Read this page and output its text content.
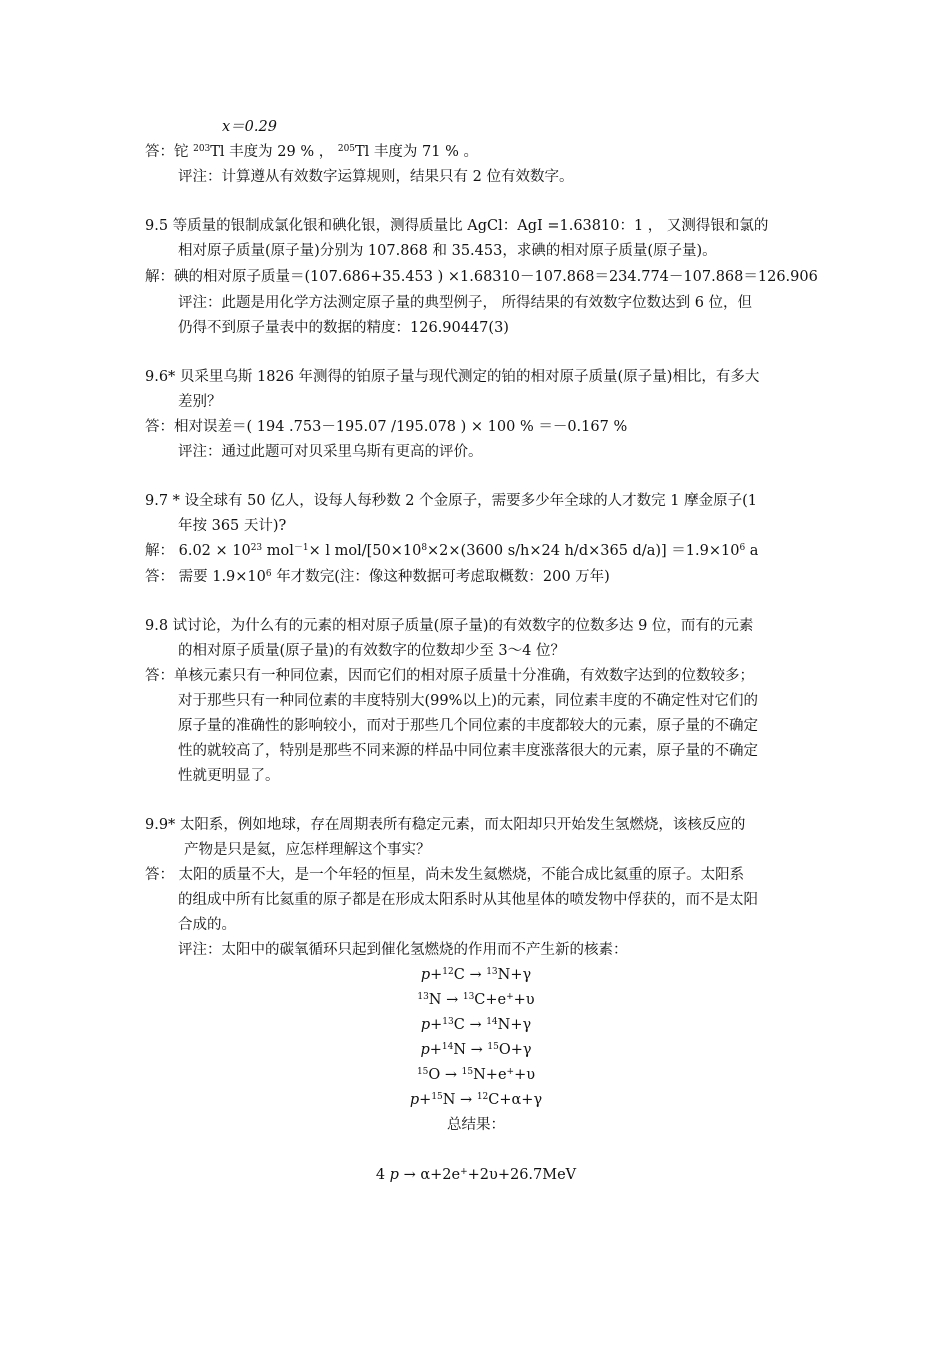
x＝0.29
答：铊 $^{203}$Tl 丰度为 29 % ， $^{205}$Tl 丰度为 71 % 。
评注：计算遵从有效数字运算规则，结果只有 2 位有效数字。
9.5 等质量的银制成氯化银和碘化银，测得质量比 AgCl：AgI =1.63810：1 ， 又测得银和氯的
相对原子质量(原子量)分别为 107.868 和 35.453，求碘的相对原子质量(原子量)。
解：碘的相对原子质量＝(107.686+35.453 ) ×1.68310－107.868＝234.774－107.868＝126.906
评注：此题是用化学方法测定原子量的典型例子， 所得结果的有效数字位数达到 6 位，但
仍得不到原子量表中的数据的精度：126.90447(3)
9.6* 贝采里乌斯 1826 年测得的铂原子量与现代测定的铂的相对原子质量(原子量)相比，有多大
差别？
答：相对误差＝( 194 .753－195.07 /195.078 ) × 100 % ＝－0.167 %
评注：通过此题可对贝采里乌斯有更高的评价。
9.7 * 设全球有 50 亿人，设每人每秒数 2 个金原子，需要多少年全球的人才数完 1 摩金原子(1
年按 365 天计)?
解： $6.02 \times 10^{23}$ mol$^{-1}$× l mol/[$50\times 10^8\times 2\times(3600$ s/h×24 h/d×365 $d/a)] =1.9\times 10^6$ a
答： 需要 $1.9\times 10^6$ 年才数完(注：像这种数据可考虑取概数：200 万年)
9.8 试讨论，为什么有的元素的相对原子质量(原子量)的有效数字的位数多达 9 位，而有的元素
的相对原子质量(原子量)的有效数字的位数却少至 3～4 位？
答：单核元素只有一种同位素，因而它们的相对原子质量十分准确，有效数字达到的位数较多；
对于那些只有一种同位素的丰度特别大(99%以上)的元素，同位素丰度的不确定性对它们的
原子量的准确性的影响较小，而对于那些几个同位素的丰度都较大的元素，原子量的不确定
性的就较高了，特别是那些不同来源的样品中同位素丰度涨落很大的元素，原子量的不确定
性就更明显了。
9.9* 太阳系，例如地球，存在周期表所有稳定元素，而太阳却只开始发生氢燃烧，该核反应的
产物是只是氦，应怎样理解这个事实？
答： 太阳的质量不大，是一个年轻的恒星，尚未发生氦燃烧，不能合成比氦重的原子。太阳系
的组成中所有比氦重的原子都是在形成太阳系时从其他星体的喷发物中俘获的，而不是太阳
合成的。
评注：太阳中的碳氧循环只起到催化氢燃烧的作用而不产生新的核素：
p+$^{12}$C → $^{13}$N+γ
$^{13}$N → $^{13}$C+e++υ
p+$^{13}$C → $^{14}$N+γ
p+$^{14}$N → $^{15}$O+γ
$^{15}$O → $^{15}$N+e++υ
p+$^{15}$N → $^{12}$C+α+γ
总结果：
4 p → α+2e++2υ+26.7MeV
